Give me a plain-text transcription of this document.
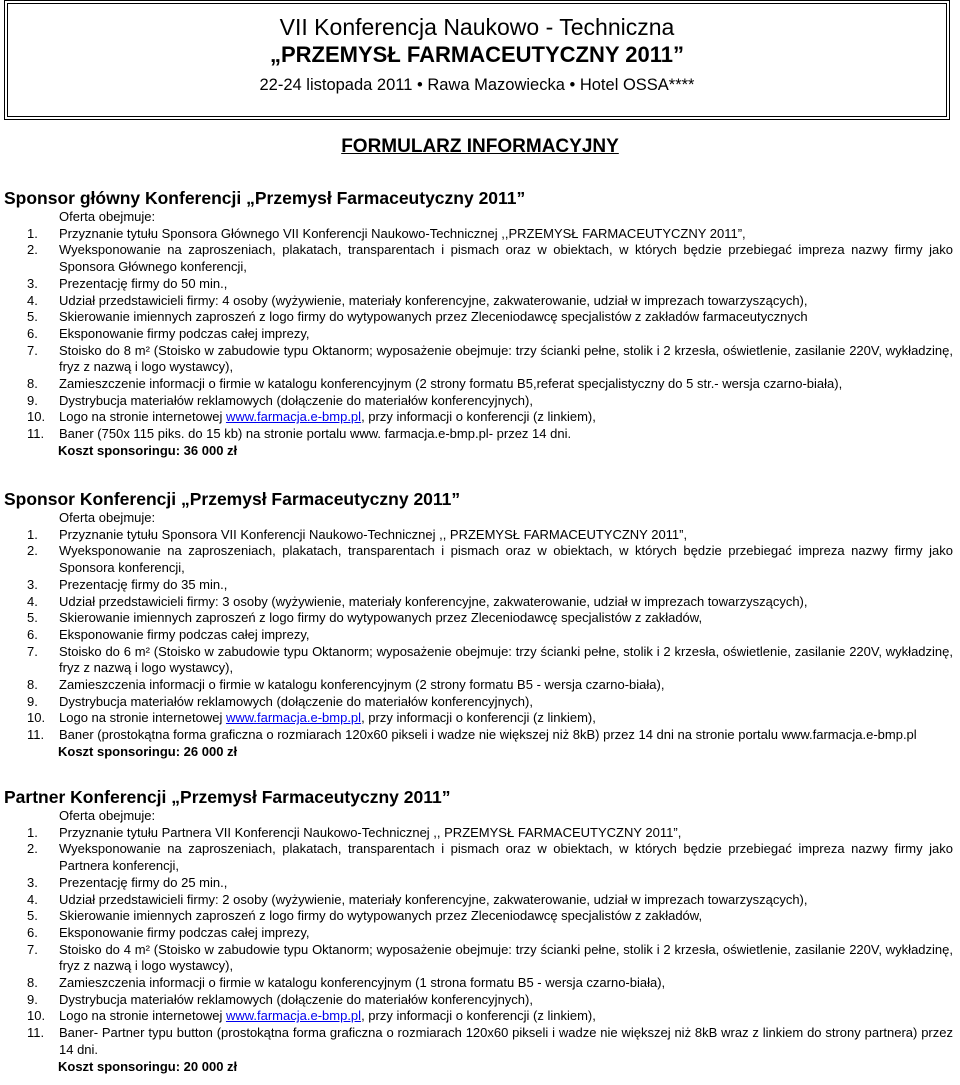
VII Konferencja Naukowo - Techniczna
„PRZEMYSŁ FARMACEUTYCZNY 2011”
22-24 listopada 2011 • Rawa Mazowiecka • Hotel OSSA****
FORMULARZ INFORMACYJNY
Sponsor główny Konferencji „Przemysł Farmaceutyczny 2011”
Oferta obejmuje:
1. Przyznanie tytułu Sponsora Głównego VII Konferencji Naukowo-Technicznej ,,PRZEMYSŁ FARMACEUTYCZNY 2011”,
2. Wyeksponowanie na zaproszeniach, plakatach, transparentach i pismach oraz w obiektach, w których będzie przebiegać impreza nazwy firmy jako Sponsora Głównego konferencji,
3. Prezentację firmy do 50 min.,
4. Udział przedstawicieli firmy: 4 osoby (wyżywienie, materiały konferencyjne, zakwaterowanie, udział w imprezach towarzyszących),
5. Skierowanie imiennych zaproszeń z logo firmy do wytypowanych przez Zleceniodawcę specjalistów z zakładów farmaceutycznych
6. Eksponowanie firmy podczas całej imprezy,
7. Stoisko do 8 m² (Stoisko w zabudowie typu Oktanorm; wyposażenie obejmuje: trzy ścianki pełne, stolik i 2 krzesła, oświetlenie, zasilanie 220V, wykładzinę, fryz z nazwą i logo wystawcy),
8. Zamieszczenie informacji o firmie w katalogu konferencyjnym (2 strony formatu B5,referat specjalistyczny do 5 str.- wersja czarno-biała),
9. Dystrybucja materiałów reklamowych (dołączenie do materiałów konferencyjnych),
10. Logo na stronie internetowej www.farmacja.e-bmp.pl, przy informacji o konferencji (z linkiem),
11. Baner (750x 115 piks. do 15 kb) na stronie portalu www. farmacja.e-bmp.pl- przez 14 dni.
Koszt sponsoringu: 36 000 zł
Sponsor Konferencji „Przemysł Farmaceutyczny 2011”
Oferta obejmuje:
1. Przyznanie tytułu Sponsora VII Konferencji Naukowo-Technicznej ,, PRZEMYSŁ FARMACEUTYCZNY 2011”,
2. Wyeksponowanie na zaproszeniach, plakatach, transparentach i pismach oraz w obiektach, w których będzie przebiegać impreza nazwy firmy jako Sponsora konferencji,
3. Prezentację firmy do 35 min.,
4. Udział przedstawicieli firmy: 3 osoby (wyżywienie, materiały konferencyjne, zakwaterowanie, udział w imprezach towarzyszących),
5. Skierowanie imiennych zaproszeń z logo firmy do wytypowanych przez Zleceniodawcę specjalistów z zakładów,
6. Eksponowanie firmy podczas całej imprezy,
7. Stoisko do 6 m² (Stoisko w zabudowie typu Oktanorm; wyposażenie obejmuje: trzy ścianki pełne, stolik i 2 krzesła, oświetlenie, zasilanie 220V, wykładzinę, fryz z nazwą i logo wystawcy),
8. Zamieszczenia informacji o firmie w katalogu konferencyjnym (2 strony formatu B5 - wersja czarno-biała),
9. Dystrybucja materiałów reklamowych (dołączenie do materiałów konferencyjnych),
10. Logo na stronie internetowej www.farmacja.e-bmp.pl, przy informacji o konferencji (z linkiem),
11. Baner (prostokątna forma graficzna o rozmiarach 120x60 pikseli i wadze nie większej niż 8kB) przez 14 dni na stronie portalu www.farmacja.e-bmp.pl
Koszt sponsoringu: 26 000 zł
Partner Konferencji „Przemysł Farmaceutyczny 2011”
Oferta obejmuje:
1. Przyznanie tytułu Partnera VII Konferencji Naukowo-Technicznej ,, PRZEMYSŁ FARMACEUTYCZNY 2011”,
2. Wyeksponowanie na zaproszeniach, plakatach, transparentach i pismach oraz w obiektach, w których będzie przebiegać impreza nazwy firmy jako Partnera konferencji,
3. Prezentację firmy do 25 min.,
4. Udział przedstawicieli firmy: 2 osoby (wyżywienie, materiały konferencyjne, zakwaterowanie, udział w imprezach towarzyszących),
5. Skierowanie imiennych zaproszeń z logo firmy do wytypowanych przez Zleceniodawcę specjalistów z zakładów,
6. Eksponowanie firmy podczas całej imprezy,
7. Stoisko do 4 m² (Stoisko w zabudowie typu Oktanorm; wyposażenie obejmuje: trzy ścianki pełne, stolik i 2 krzesła, oświetlenie, zasilanie 220V, wykładzinę, fryz z nazwą i logo wystawcy),
8. Zamieszczenia informacji o firmie w katalogu konferencyjnym (1 strona formatu B5 - wersja czarno-biała),
9. Dystrybucja materiałów reklamowych (dołączenie do materiałów konferencyjnych),
10. Logo na stronie internetowej www.farmacja.e-bmp.pl, przy informacji o konferencji (z linkiem),
11. Baner- Partner typu button (prostokątna forma graficzna o rozmiarach 120x60 pikseli i wadze nie większej niż 8kB wraz z linkiem do strony partnera) przez 14 dni.
Koszt sponsoringu: 20 000 zł
